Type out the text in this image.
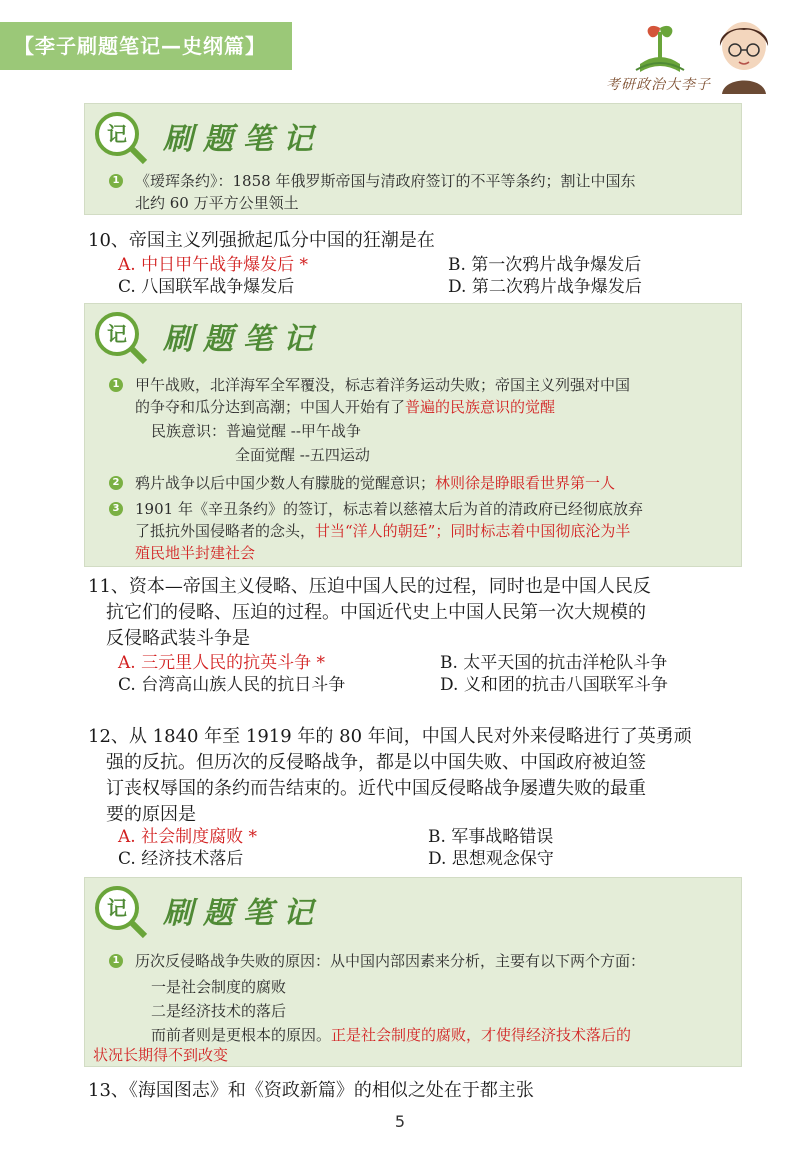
【李子刷题笔记—史纲篇】
考研政治大李子
记 刷题笔记
1 《瑷珲条约》：1858 年俄罗斯帝国与清政府签订的不平等条约；割让中国东
北约 60 万平方公里领土
10、帝国主义列强掀起瓜分中国的狂潮是在
A. 中日甲午战争爆发后 *	B. 第一次鸦片战争爆发后
C. 八国联军战争爆发后	D. 第二次鸦片战争爆发后
记 刷题笔记
1 甲午战败，北洋海军全军覆没，标志着洋务运动失败；帝国主义列强对中国
的争夺和瓜分达到高潮；中国人开始有了普遍的民族意识的觉醒
民族意识：普遍觉醒 --甲午战争
全面觉醒 --五四运动
2 鸦片战争以后中国少数人有朦胧的觉醒意识；林则徐是睁眼看世界第一人
3 1901 年《辛丑条约》的签订，标志着以慈禧太后为首的清政府已经彻底放弃
了抵抗外国侵略者的念头，甘当“洋人的朝廷”；同时标志着中国彻底沦为半
殖民地半封建社会
11、资本—帝国主义侵略、压迫中国人民的过程，同时也是中国人民反
抗它们的侵略、压迫的过程。中国近代史上中国人民第一次大规模的
反侵略武装斗争是
A. 三元里人民的抗英斗争 *	B. 太平天国的抗击洋枪队斗争
C. 台湾高山族人民的抗日斗争	D. 义和团的抗击八国联军斗争
12、从 1840 年至 1919 年的 80 年间，中国人民对外来侵略进行了英勇顽
强的反抗。但历次的反侵略战争，都是以中国失败、中国政府被迫签
订丧权辱国的条约而告结束的。近代中国反侵略战争屡遭失败的最重
要的原因是
A. 社会制度腐败 *	B. 军事战略错误
C. 经济技术落后	D. 思想观念保守
记 刷题笔记
1 历次反侵略战争失败的原因：从中国内部因素来分析，主要有以下两个方面：
一是社会制度的腐败
二是经济技术的落后
而前者则是更根本的原因。正是社会制度的腐败，才使得经济技术落后的
状况长期得不到改变
13、《海国图志》和《资政新篇》的相似之处在于都主张
5
